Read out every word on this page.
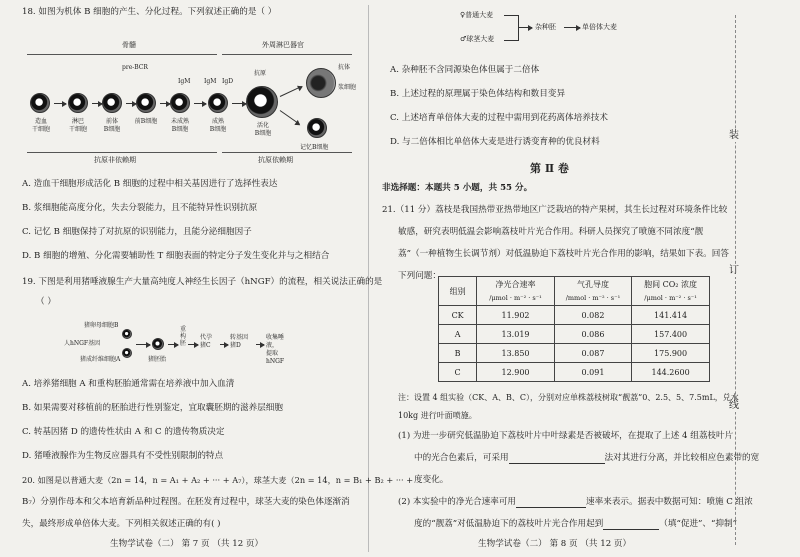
装
订
线
18. 如图为机体 B 细胞的产生、分化过程。下列叙述正确的是（ ）
骨髓	外周淋巴器官
pre-BCR
IgM IgM IgD
抗原
抗体
造血
干细胞
淋巴
干细胞
前体
B细胞
前B细胞	未成熟
B细胞
成熟
B细胞
活化
B细胞
浆细胞
记忆B细胞
抗原非依赖期	抗原依赖期
A. 造血干细胞形成活化 B 细胞的过程中相关基因进行了选择性表达
B. 浆细胞能高度分化，失去分裂能力，且不能特异性识别抗原
C. 记忆 B 细胞保持了对抗原的识别能力，且能分泌细胞因子
D. B 细胞的增殖、分化需要辅助性 T 细胞表面的特定分子发生变化并与之相结合
19. 下图是利用猪唾液腺生产大量高纯度人神经生长因子（hNGF）的流程，相关说法正确的是
（ ）
猪卵母细胞B
人hNGF基因
猪成纤维细胞A	猪胚胎
重
构
胚
代孕
猪C
转基因
猪D
收集唾液，
提取hNGF
A. 培养猪细胞 A 和重构胚胎通常需在培养液中加入血清
B. 如果需要对移植前的胚胎进行性别鉴定，宜取囊胚期的滋养层细胞
C. 转基因猪 D 的遗传性状由 A 和 C 的遗传物质决定
D. 猪唾液腺作为生物反应器具有不受性别限制的特点
20. 如图是以普通大麦（2n = 14，n = A₁ + A₂ + ··· + A₇），球茎大麦（2n = 14，n = B₁ + B₂ + ··· +
B₇）分别作母本和父本培育新品种过程图。在胚发育过程中，球茎大麦的染色体逐渐消
失，最终形成单倍体大麦。下列相关叙述正确的有( )
生物学试卷（二） 第 7 页 （共 12 页）
♀普通大麦
♂球茎大麦
杂种胚	单倍体大麦
A. 杂种胚不含同源染色体但属于二倍体
B. 上述过程的原理属于染色体结构和数目变异
C. 上述培育单倍体大麦的过程中需用到花药离体培养技术
D. 与二倍体相比单倍体大麦是进行诱变育种的优良材料
第 Ⅱ 卷
非选择题：本题共 5 小题，共 55 分。
21.（11 分）荔枝是我国热带亚热带地区广泛栽培的特产果树，其生长过程对环境条件比较
敏感，研究表明低温会影响荔枝叶片光合作用。科研人员探究了喷施不同浓度“靓
荔”（一种植物生长调节剂）对低温胁迫下荔枝叶片光合作用的影响，结果如下表。回答
下列问题：
组别	净光合速率	气孔导度	胞间 CO₂ 浓度
	/μmol · m⁻² · s⁻¹	/mmol · m⁻² · s⁻¹	/μmol · m⁻² · s⁻¹
CK	11.902	0.082	141.414
A	13.019	0.086	157.400
B	13.850	0.087	175.900
C	12.900	0.091	144.2600
注：设置 4 组实验（CK、A、B、C），分别对应单株荔枝树取“靓荔”0、2.5、5、7.5mL，兑水
10kg 进行叶面喷施。
(1) 为进一步研究低温胁迫下荔枝叶片中叶绿素是否被破坏，在提取了上述 4 组荔枝叶片
中的光合色素后，可采用	法对其进行分离，并比较相应色素带的宽
度变化。
(2) 本实验中的净光合速率可用	速率来表示。据表中数据可知：喷施 C 组浓
度的“靓荔”对低温胁迫下的荔枝叶片光合作用起到	（填“促进”、“抑制”
生物学试卷（二） 第 8 页 （共 12 页）
